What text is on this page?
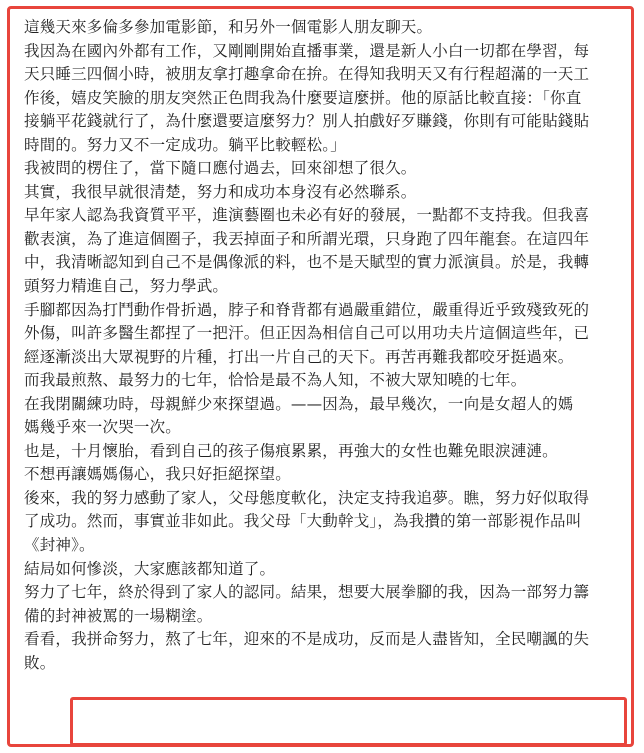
這幾天來多倫多參加電影節，和另外一個電影人朋友聊天。
我因為在國內外都有工作，又剛剛開始直播事業，還是新人小白一切都在學習，每
天只睡三四個小時，被朋友拿打趣拿命在拚。在得知我明天又有行程超滿的一天工
作後，嬉皮笑臉的朋友突然正色問我為什麼要這麼拼。他的原話比較直接：「你直
接躺平花錢就行了，為什麼還要這麼努力？別人拍戲好歹賺錢，你則有可能貼錢貼
時間的。努力又不一定成功。躺平比較輕松。」
我被問的楞住了，當下隨口應付過去，回來卻想了很久。
其實，我很早就很清楚，努力和成功本身沒有必然聯系。
早年家人認為我資質平平，進演藝圈也未必有好的發展，一點都不支持我。但我喜
歡表演，為了進這個圈子，我丟掉面子和所謂光環，只身跑了四年龍套。在這四年
中，我清晰認知到自己不是偶像派的料，也不是天賦型的實力派演員。於是，我轉
頭努力精進自己，努力學武。
手腳都因為打鬥動作骨折過，脖子和脊背都有過嚴重錯位，嚴重得近乎致殘致死的
外傷，叫許多醫生都捏了一把汗。但正因為相信自己可以用功夫片這個這些年，已
經逐漸淡出大眾視野的片種，打出一片自己的天下。再苦再難我都咬牙挺過來。
而我最煎熬、最努力的七年，恰恰是最不為人知，不被大眾知曉的七年。
在我閉關練功時，母親鮮少來探望過。——因為，最早幾次，一向是女超人的媽
媽幾乎來一次哭一次。
也是，十月懷胎，看到自己的孩子傷痕累累，再強大的女性也難免眼淚漣漣。
不想再讓媽媽傷心，我只好拒絕探望。
後來，我的努力感動了家人，父母態度軟化，決定支持我追夢。瞧，努力好似取得
了成功。然而，事實並非如此。我父母「大動幹戈」，為我攢的第一部影視作品叫
《封神》。
結局如何慘淡，大家應該都知道了。
努力了七年，終於得到了家人的認同。結果，想要大展拳腳的我，因為一部努力籌
備的封神被罵的一場糊塗。
看看，我拼命努力，熬了七年，迎來的不是成功，反而是人盡皆知，全民嘲諷的失
敗。
